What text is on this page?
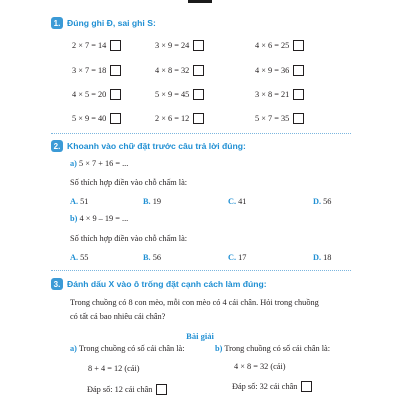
1. Đúng ghi Đ, sai ghi S:
2 × 7 = 14	3 × 9 = 24	4 × 6 = 25
3 × 7 = 18	4 × 8 = 32	4 × 9 = 36
4 × 5 = 20	5 × 9 = 45	3 × 8 = 21
5 × 9 = 40	2 × 6 = 12	5 × 7 = 35
2. Khoanh vào chữ đặt trước câu trả lời đúng:
a) 5 × 7 + 16 = ...
Số thích hợp điền vào chỗ chấm là:
A. 51	B. 19	C. 41	D. 56
b) 4 × 9 – 19 = ...
Số thích hợp điền vào chỗ chấm là:
A. 55	B. 56	C. 17	D. 18
3. Đánh dấu X vào ô trống đặt cạnh cách làm đúng:
Trong chuồng có 8 con mèo, mỗi con mèo có 4 cái chân. Hỏi trong chuồng
có tất cả bao nhiêu cái chân?
Bài giải
a) Trong chuồng có số cái chân là:	b) Trong chuồng có số cái chân là:
8 + 4 = 12 (cái)	4 × 8 = 32 (cái)
Đáp số: 12 cái chân	Đáp số: 32 cái chân
